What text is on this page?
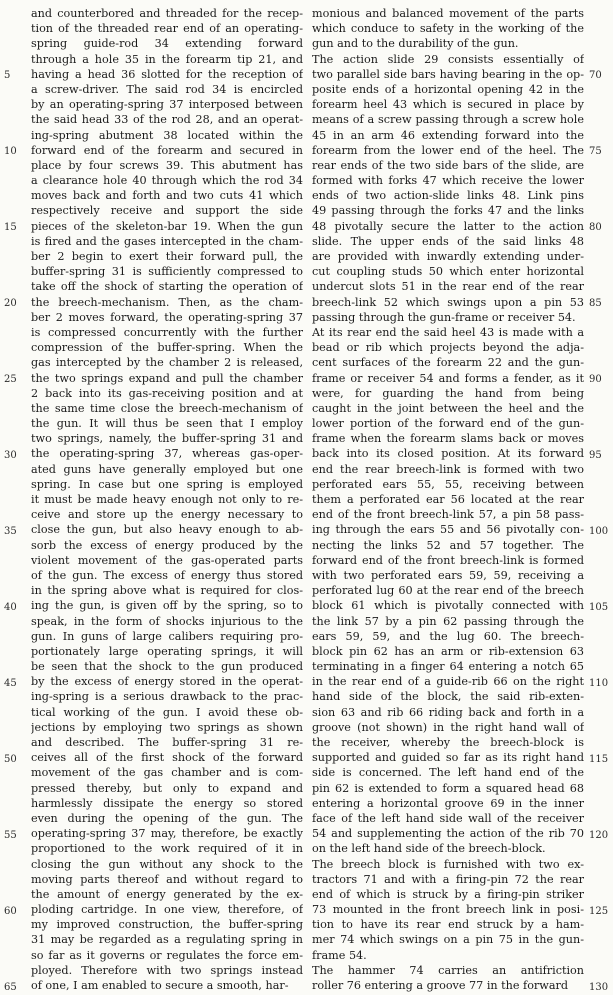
and counterbored and threaded for the recep-
tion of the threaded rear end of an operating-
spring guide-rod 34 extending forward
through a hole 35 in the forearm tip 21, and
having a head 36 slotted for the reception of
a screw-driver. The said rod 34 is encircled
by an operating-spring 37 interposed between
the said head 33 of the rod 28, and an operat-
ing-spring abutment 38 located within the
forward end of the forearm and secured in
place by four screws 39. This abutment has
a clearance hole 40 through which the rod 34
moves back and forth and two cuts 41 which
respectively receive and support the side
pieces of the skeleton-bar 19. When the gun
is fired and the gases intercepted in the cham-
ber 2 begin to exert their forward pull, the
buffer-spring 31 is sufficiently compressed to
take off the shock of starting the operation of
the breech-mechanism. Then, as the cham-
ber 2 moves forward, the operating-spring 37
is compressed concurrently with the further
compression of the buffer-spring. When the
gas intercepted by the chamber 2 is released,
the two springs expand and pull the chamber
2 back into its gas-receiving position and at
the same time close the breech-mechanism of
the gun. It will thus be seen that I employ
two springs, namely, the buffer-spring 31 and
the operating-spring 37, whereas gas-oper-
ated guns have generally employed but one
spring. In case but one spring is employed
it must be made heavy enough not only to re-
ceive and store up the energy necessary to
close the gun, but also heavy enough to ab-
sorb the excess of energy produced by the
violent movement of the gas-operated parts
of the gun. The excess of energy thus stored
in the spring above what is required for clos-
ing the gun, is given off by the spring, so to
speak, in the form of shocks injurious to the
gun. In guns of large calibers requiring pro-
portionately large operating springs, it will
be seen that the shock to the gun produced
by the excess of energy stored in the operat-
ing-spring is a serious drawback to the prac-
tical working of the gun. I avoid these ob-
jections by employing two springs as shown
and described. The buffer-spring 31 re-
ceives all of the first shock of the forward
movement of the gas chamber and is com-
pressed thereby, but only to expand and
harmlessly dissipate the energy so stored
even during the opening of the gun. The
operating-spring 37 may, therefore, be exactly
proportioned to the work required of it in
closing the gun without any shock to the
moving parts thereof and without regard to
the amount of energy generated by the ex-
ploding cartridge. In one view, therefore, of
my improved construction, the buffer-spring
31 may be regarded as a regulating spring in
so far as it governs or regulates the force em-
ployed. Therefore with two springs instead
of one, I am enabled to secure a smooth, har-
monious and balanced movement of the parts
which conduce to safety in the working of the
gun and to the durability of the gun.
The action slide 29 consists essentially of
two parallel side bars having bearing in the op-
posite ends of a horizontal opening 42 in the
forearm heel 43 which is secured in place by
means of a screw passing through a screw hole
45 in an arm 46 extending forward into the
forearm from the lower end of the heel. The
rear ends of the two side bars of the slide, are
formed with forks 47 which receive the lower
ends of two action-slide links 48. Link pins
49 passing through the forks 47 and the links
48 pivotally secure the latter to the action
slide. The upper ends of the said links 48
are provided with inwardly extending under-
cut coupling studs 50 which enter horizontal
undercut slots 51 in the rear end of the rear
breech-link 52 which swings upon a pin 53
passing through the gun-frame or receiver 54.
At its rear end the said heel 43 is made with a
bead or rib which projects beyond the adja-
cent surfaces of the forearm 22 and the gun-
frame or receiver 54 and forms a fender, as it
were, for guarding the hand from being
caught in the joint between the heel and the
lower portion of the forward end of the gun-
frame when the forearm slams back or moves
back into its closed position. At its forward
end the rear breech-link is formed with two
perforated ears 55, 55, receiving between
them a perforated ear 56 located at the rear
end of the front breech-link 57, a pin 58 pass-
ing through the ears 55 and 56 pivotally con-
necting the links 52 and 57 together. The
forward end of the front breech-link is formed
with two perforated ears 59, 59, receiving a
perforated lug 60 at the rear end of the breech
block 61 which is pivotally connected with
the link 57 by a pin 62 passing through the
ears 59, 59, and the lug 60. The breech-
block pin 62 has an arm or rib-extension 63
terminating in a finger 64 entering a notch 65
in the rear end of a guide-rib 66 on the right
hand side of the block, the said rib-exten-
sion 63 and rib 66 riding back and forth in a
groove (not shown) in the right hand wall of
the receiver, whereby the breech-block is
supported and guided so far as its right hand
side is concerned. The left hand end of the
pin 62 is extended to form a squared head 68
entering a horizontal groove 69 in the inner
face of the left hand side wall of the receiver
54 and supplementing the action of the rib 70
on the left hand side of the breech-block.
The breech block is furnished with two ex-
tractors 71 and with a firing-pin 72 the rear
end of which is struck by a firing-pin striker
73 mounted in the front breech link in posi-
tion to have its rear end struck by a ham-
mer 74 which swings on a pin 75 in the gun-
frame 54.
The hammer 74 carries an antifriction
roller 76 entering a groove 77 in the forward
5
10
15
20
25
30
35
40
45
50
55
60
65
70
75
80
85
90
95
100
105
110
115
120
125
130
